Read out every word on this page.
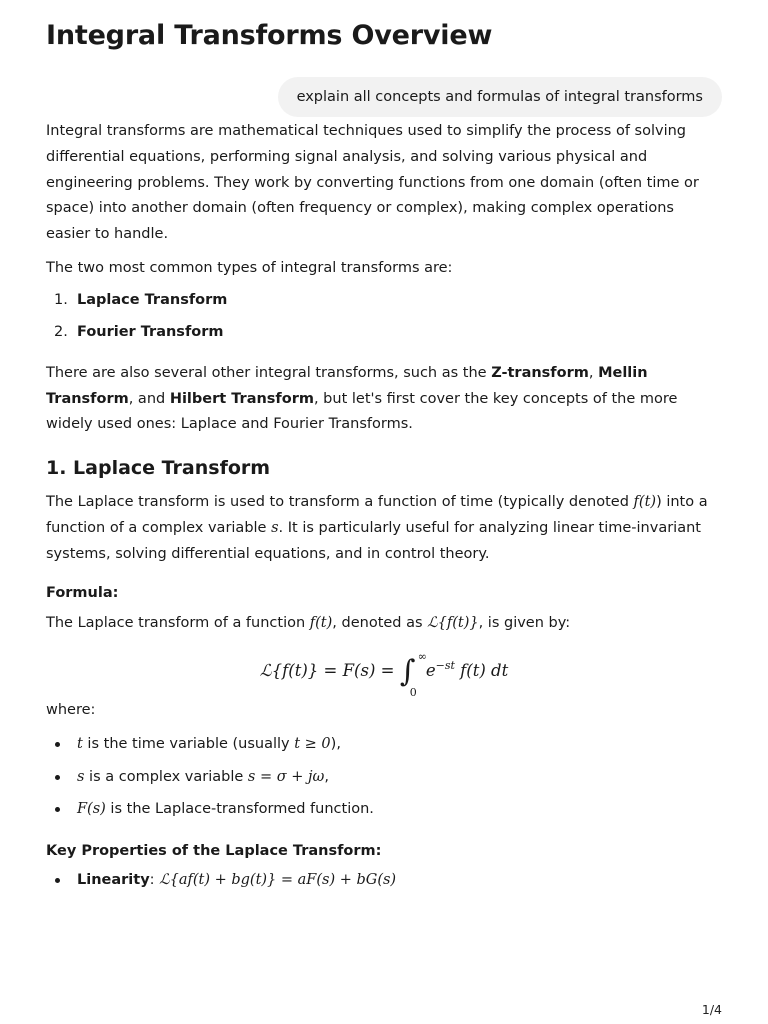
Integral Transforms Overview
explain all concepts and formulas of integral transforms

Integral transforms are mathematical techniques used to simplify the process of solving differential equations, performing signal analysis, and solving various physical and engineering problems. They work by converting functions from one domain (often time or space) into another domain (often frequency or complex), making complex operations easier to handle.

The two most common types of integral transforms are:

1. Laplace Transform
2. Fourier Transform

There are also several other integral transforms, such as the Z-transform, Mellin Transform, and Hilbert Transform, but let's first cover the key concepts of the more widely used ones: Laplace and Fourier Transforms.

1. Laplace Transform

The Laplace transform is used to transform a function of time (typically denoted f(t)) into a function of a complex variable s. It is particularly useful for analyzing linear time-invariant systems, solving differential equations, and in control theory.

Formula:

The Laplace transform of a function f(t), denoted as ℒ{f(t)}, is given by:

ℒ{f(t)} = F(s) = ∫ ∞
0
$e^{-st}$ f(t) dt

where:

t is the time variable (usually t ≥ 0),
s is a complex variable s = σ + jω,
F(s) is the Laplace-transformed function.
Key Properties of the Laplace Transform:
Linearity: ℒ{af(t) + bg(t)} = aF(s) + bG(s)
1/4
